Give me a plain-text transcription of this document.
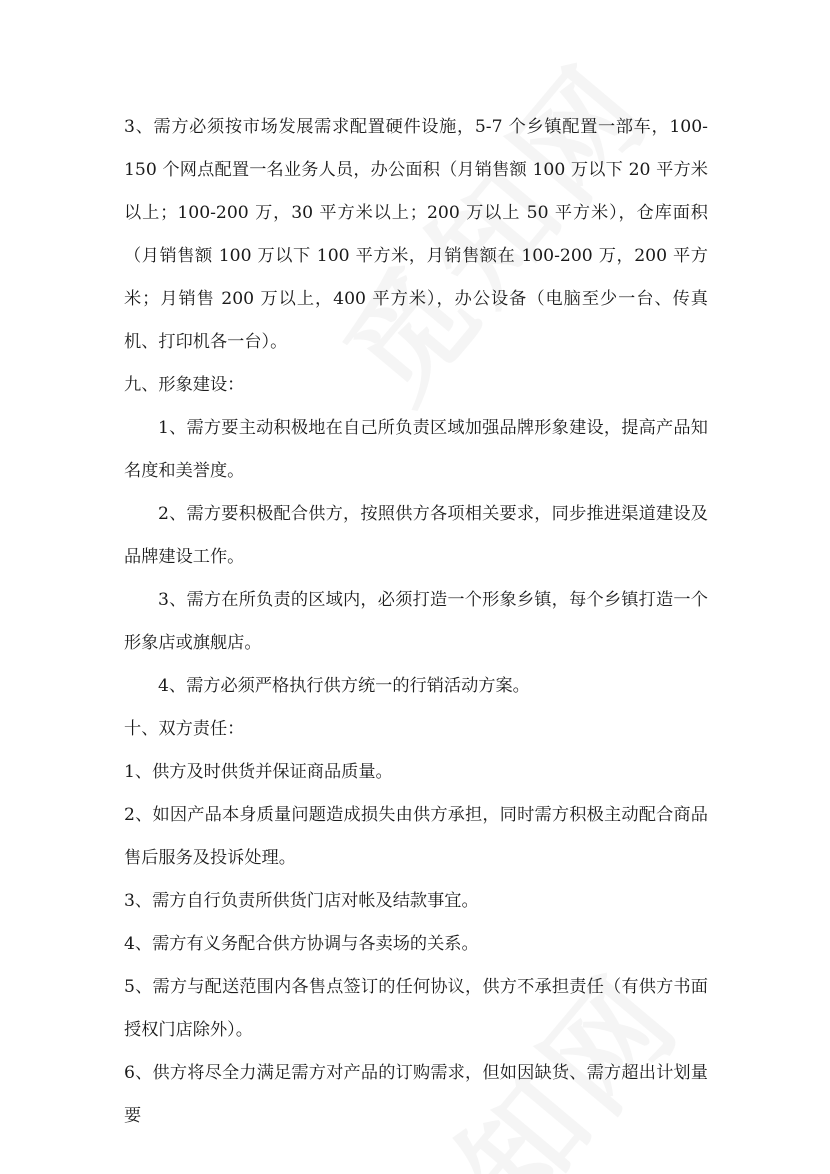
3、需方必须按市场发展需求配置硬件设施，5-7 个乡镇配置一部车，100-150 个网点配置一名业务人员，办公面积（月销售额 100 万以下 20 平方米以上；100-200 万，30 平方米以上；200 万以上 50 平方米），仓库面积（月销售额 100 万以下 100 平方米，月销售额在 100-200 万，200 平方米；月销售 200 万以上，400 平方米），办公设备（电脑至少一台、传真机、打印机各一台）。

九、形象建设：

1、需方要主动积极地在自己所负责区域加强品牌形象建设，提高产品知名度和美誉度。

2、需方要积极配合供方，按照供方各项相关要求，同步推进渠道建设及品牌建设工作。

3、需方在所负责的区域内，必须打造一个形象乡镇，每个乡镇打造一个形象店或旗舰店。

4、需方必须严格执行供方统一的行销活动方案。

十、双方责任：

1、供方及时供货并保证商品质量。

2、如因产品本身质量问题造成损失由供方承担，同时需方积极主动配合商品售后服务及投诉处理。

3、需方自行负责所供货门店对帐及结款事宜。

4、需方有义务配合供方协调与各卖场的关系。

5、需方与配送范围内各售点签订的任何协议，供方不承担责任（有供方书面授权门店除外）。

6、供方将尽全力满足需方对产品的订购需求，但如因缺货、需方超出计划量要
